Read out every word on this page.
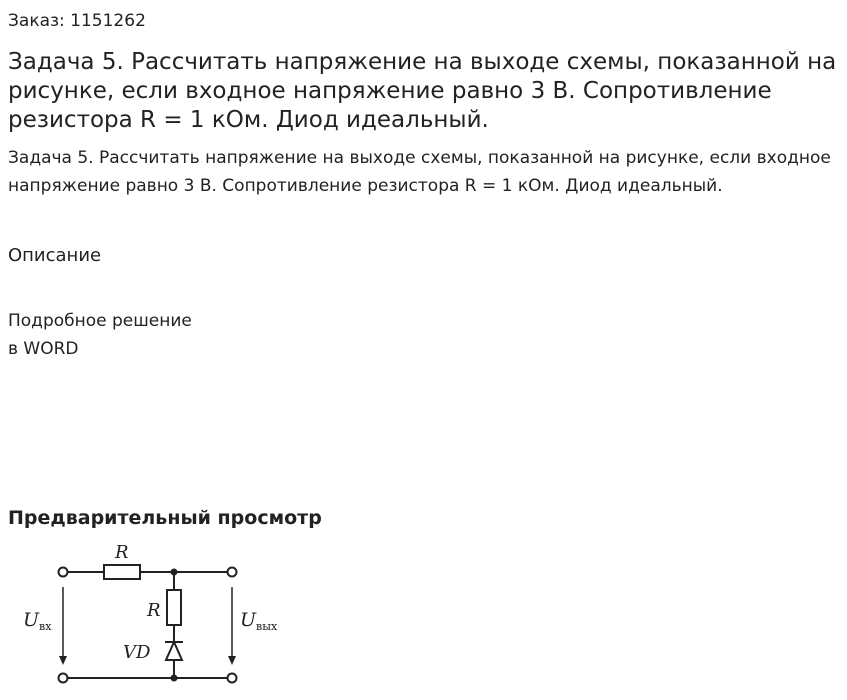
Заказ: 1151262
Задача 5. Рассчитать напряжение на выходе схемы, показанной на рисунке, если входное напряжение равно 3 В. Сопротивление резистора R = 1 кОм. Диод идеальный.
Задача 5. Рассчитать напряжение на выходе схемы, показанной на рисунке, если входное напряжение равно 3 В. Сопротивление резистора R = 1 кОм. Диод идеальный.
Описание
Подробное решение
в WORD
Предварительный просмотр
R
R
VD
$U_{вх}$	$U_{вых}$
